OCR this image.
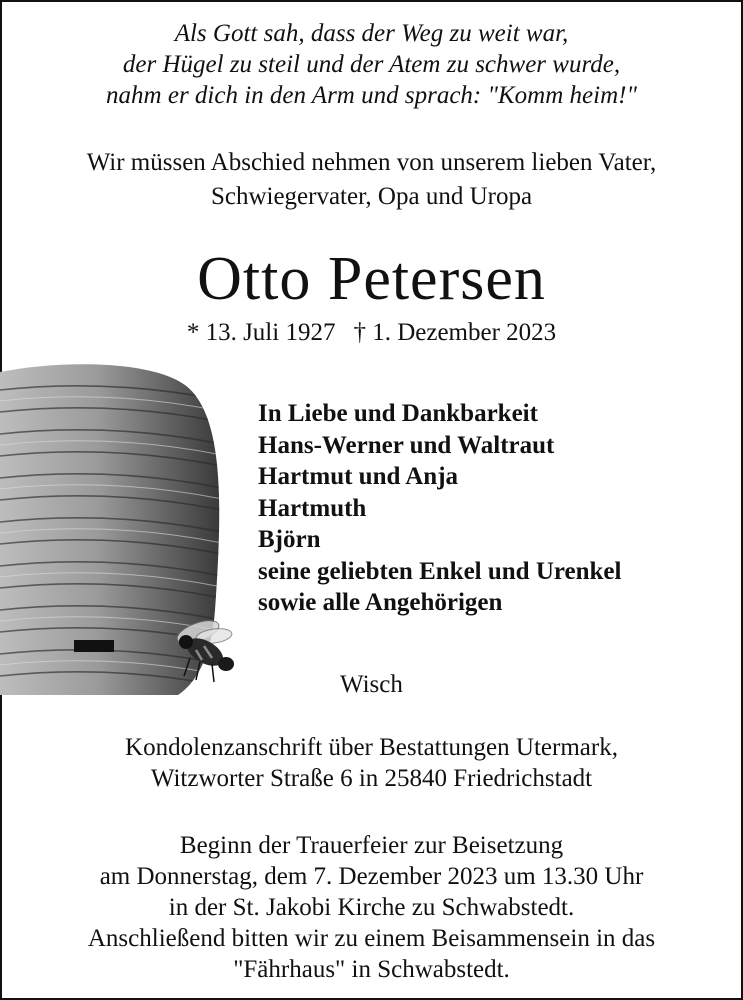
Als Gott sah, dass der Weg zu weit war,
der Hügel zu steil und der Atem zu schwer wurde,
nahm er dich in den Arm und sprach: "Komm heim!"
Wir müssen Abschied nehmen von unserem lieben Vater,
Schwiegervater, Opa und Uropa
Otto Petersen
* 13. Juli 1927 † 1. Dezember 2023
In Liebe und Dankbarkeit
Hans-Werner und Waltraut
Hartmut und Anja
Hartmuth
Björn
seine geliebten Enkel und Urenkel
sowie alle Angehörigen
Wisch
Kondolenzanschrift über Bestattungen Utermark,
Witzworter Straße 6 in 25840 Friedrichstadt
Beginn der Trauerfeier zur Beisetzung
am Donnerstag, dem 7. Dezember 2023 um 13.30 Uhr
in der St. Jakobi Kirche zu Schwabstedt.
Anschließend bitten wir zu einem Beisammensein in das
"Fährhaus" in Schwabstedt.
